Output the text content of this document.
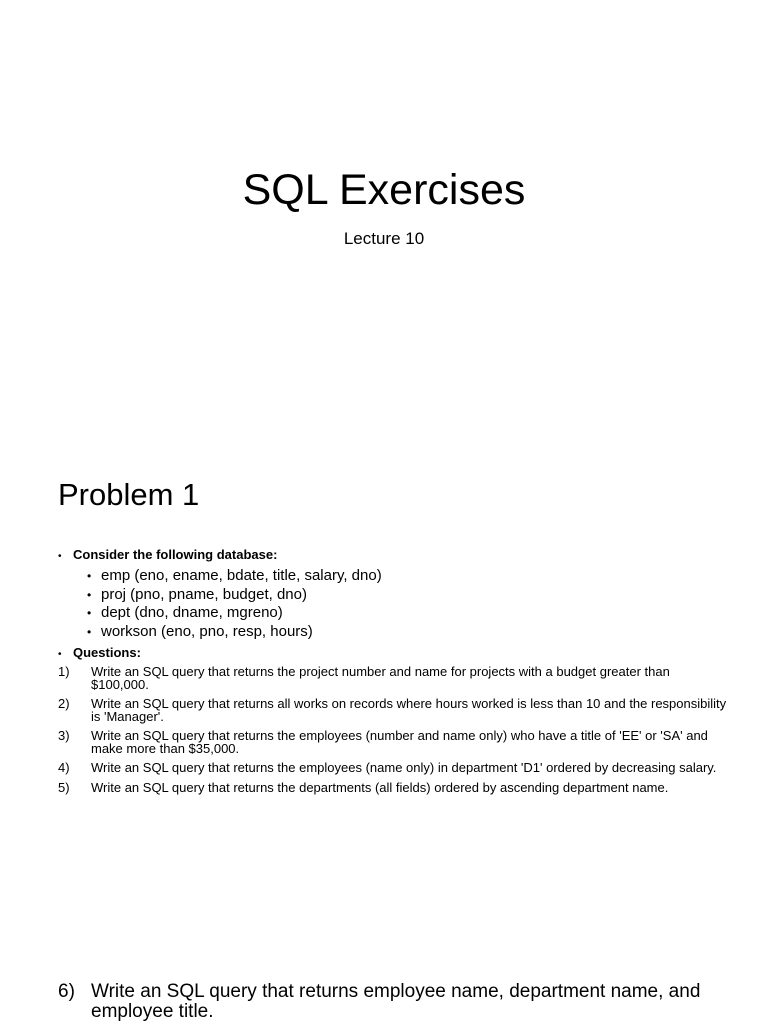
SQL Exercises
Lecture 10
Problem 1
• Consider the following database:
• emp (eno, ename, bdate, title, salary, dno)
• proj (pno, pname, budget, dno)
• dept (dno, dname, mgreno)
• workson (eno, pno, resp, hours)
• Questions:
1)	Write an SQL query that returns the project number and name for projects with a budget greater than $100,000.
2)	Write an SQL query that returns all works on records where hours worked is less than 10 and the responsibility is 'Manager'.
3)	Write an SQL query that returns the employees (number and name only) who have a title of 'EE' or 'SA' and make more than $35,000.
4)	Write an SQL query that returns the employees (name only) in department 'D1' ordered by decreasing salary.
5)	Write an SQL query that returns the departments (all fields) ordered by ascending department name.
6) Write an SQL query that returns employee name, department name, and employee title.
